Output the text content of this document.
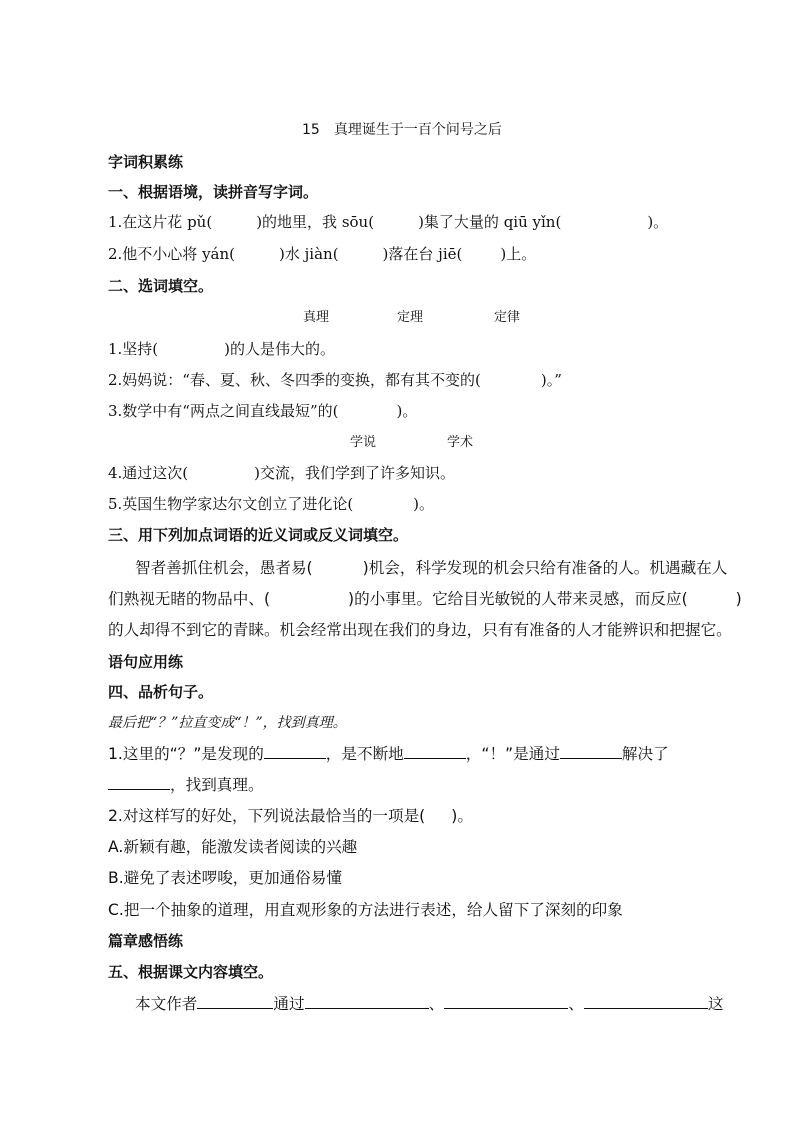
15　真理诞生于一百个问号之后
字词积累练
一、根据语境，读拼音写字词。
1.在这片花 pǔ(	)的地里，我 sōu(	)集了大量的 qiū yǐn(	)。
2.他不小心将 yán(	)水 jiàn(	)落在台 jiē(	)上。
二、选词填空。
真理	定理	定律
1.坚持(	)的人是伟大的。
2.妈妈说：“春、夏、秋、冬四季的变换，都有其不变的(	)。”
3.数学中有“两点之间直线最短”的(	)。
学说	学术
4.通过这次(	)交流，我们学到了许多知识。
5.英国生物学家达尔文创立了进化论(	)。
三、用下列加点词语的近义词或反义词填空。
智者善抓住机会，愚者易(	)机会，科学发现的机会只给有准备的人。机遇藏在人
们熟视无睹的物品中、(	)的小事里。它给目光敏锐的人带来灵感，而反应(	)
的人却得不到它的青睐。机会经常出现在我们的身边，只有有准备的人才能辨识和把握它。
语句应用练
四、品析句子。
最后把“？”拉直变成“！”，找到真理。
1.这里的“？”是发现的	，是不断地	，“！”是通过	解决了
，找到真理。
2.对这样写的好处，下列说法最恰当的一项是( )。
A.新颖有趣，能激发读者阅读的兴趣
B.避免了表述啰唆，更加通俗易懂
C.把一个抽象的道理，用直观形象的方法进行表述，给人留下了深刻的印象
篇章感悟练
五、根据课文内容填空。
本文作者	通过	、	、	这
